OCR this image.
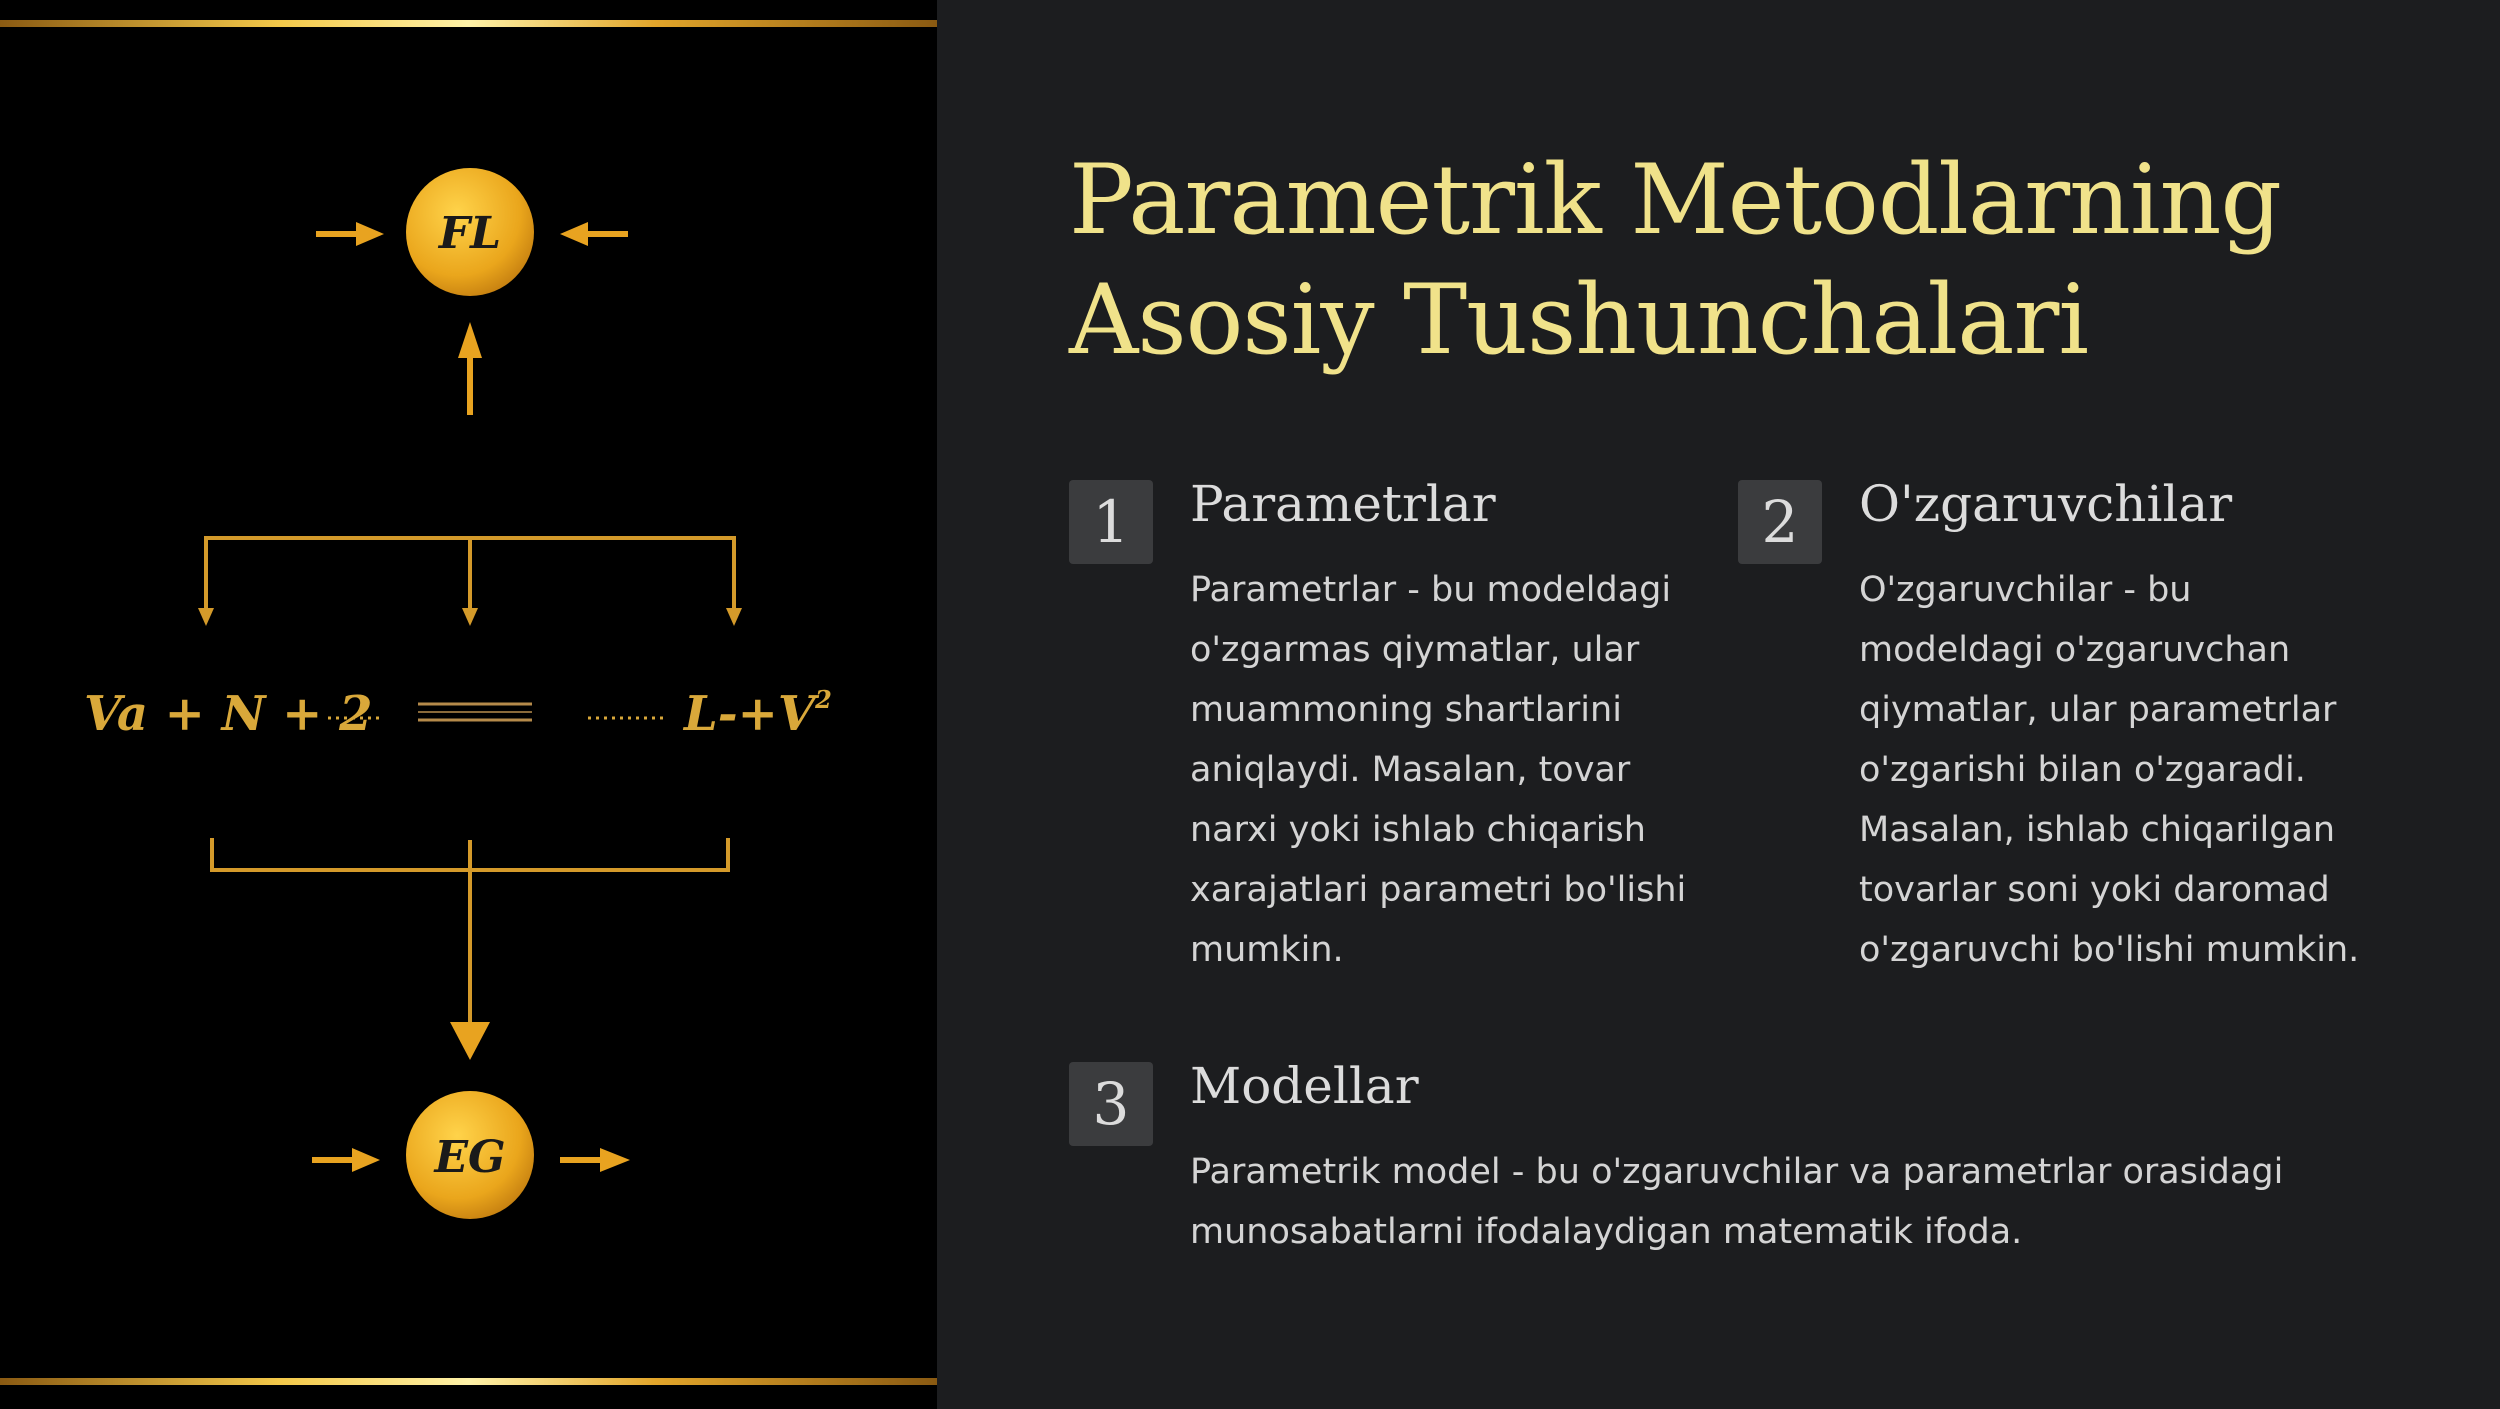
FL
Va + N + 2	$L-+V^2$
EG
Parametrik Metodlarning
Asosiy Tushunchalari
1	Parametrlar

Parametrlar - bu modeldagi o'zgarmas qiymatlar, ular muammoning shartlarini aniqlaydi. Masalan, tovar narxi yoki ishlab chiqarish xarajatlari parametri bo'lishi mumkin.

2	O'zgaruvchilar

O'zgaruvchilar - bu modeldagi o'zgaruvchan qiymatlar, ular parametrlar o'zgarishi bilan o'zgaradi. Masalan, ishlab chiqarilgan tovarlar soni yoki daromad o'zgaruvchi bo'lishi mumkin.

3	Modellar

Parametrik model - bu o'zgaruvchilar va parametrlar orasidagi munosabatlarni ifodalaydigan matematik ifoda.
